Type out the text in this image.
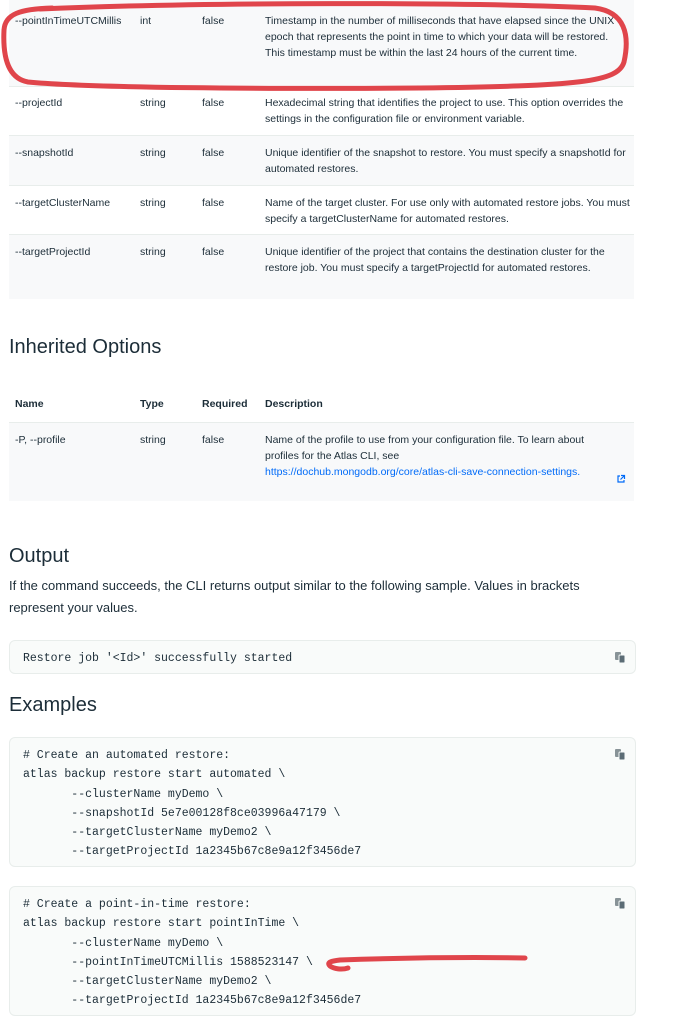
--pointInTimeUTCMillis	int	false	Timestamp in the number of milliseconds that have elapsed since the UNIX epoch that represents the point in time to which your data will be restored. This timestamp must be within the last 24 hours of the current time.
--projectId	string	false	Hexadecimal string that identifies the project to use. This option overrides the settings in the configuration file or environment variable.
--snapshotId	string	false	Unique identifier of the snapshot to restore. You must specify a snapshotId for automated restores.
--targetClusterName	string	false	Name of the target cluster. For use only with automated restore jobs. You must specify a targetClusterName for automated restores.
--targetProjectId	string	false	Unique identifier of the project that contains the destination cluster for the restore job. You must specify a targetProjectId for automated restores.
Inherited Options
Name	Type	Required	Description
-P, --profile	string	false	Name of the profile to use from your configuration file. To learn about profiles for the Atlas CLI, see
https://dochub.mongodb.org/core/atlas-cli-save-connection-settings.
Output

If the command succeeds, the CLI returns output similar to the following sample. Values in brackets represent your values.

Restore job '<Id>' successfully started
Examples
# Create an automated restore:
atlas backup restore start automated \
--clusterName myDemo \
--snapshotId 5e7e00128f8ce03996a47179 \
--targetClusterName myDemo2 \
--targetProjectId 1a2345b67c8e9a12f3456de7
# Create a point-in-time restore:
atlas backup restore start pointInTime \
--clusterName myDemo \
--pointInTimeUTCMillis 1588523147 \
--targetClusterName myDemo2 \
--targetProjectId 1a2345b67c8e9a12f3456de7
